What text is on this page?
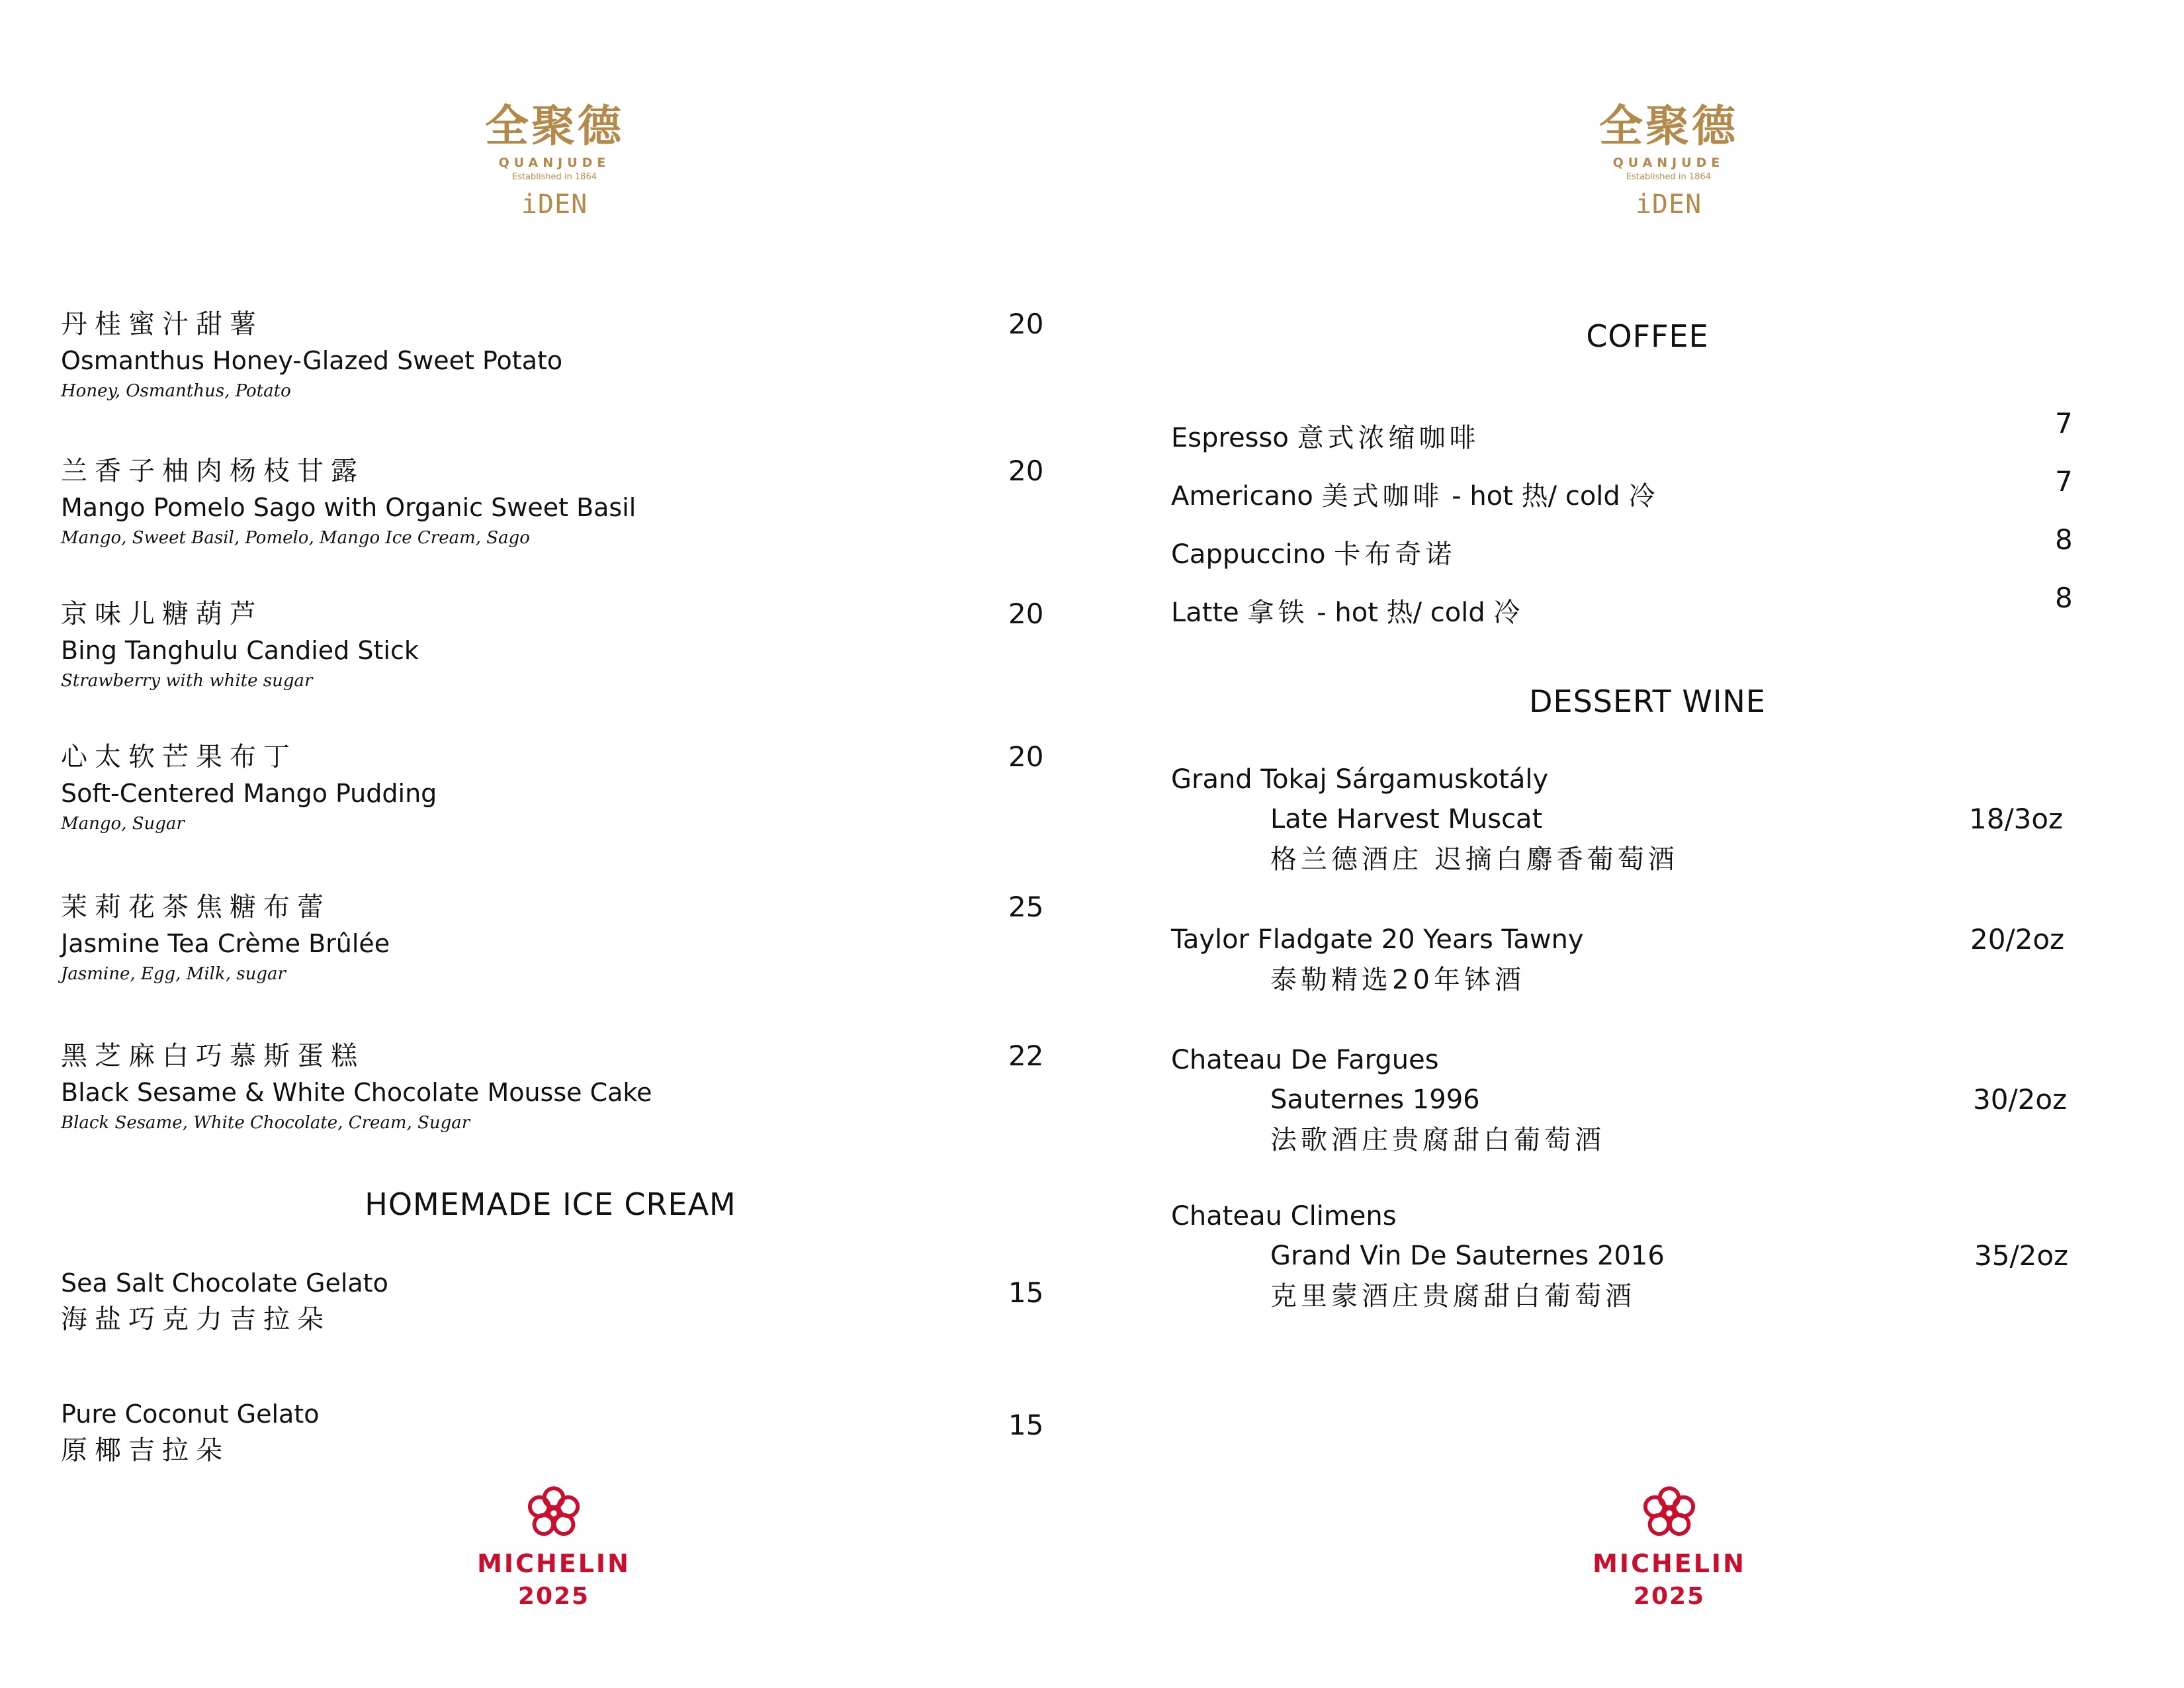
全聚德
QUANJUDE
Established in 1864
iDEN
丹桂蜜汁甜薯
Osmanthus Honey-Glazed Sweet Potato
Honey, Osmanthus, Potato
20
兰香子柚肉杨枝甘露
Mango Pomelo Sago with Organic Sweet Basil
Mango, Sweet Basil, Pomelo, Mango Ice Cream, Sago
20
京味儿糖葫芦
Bing Tanghulu Candied Stick
Strawberry with white sugar
20
心太软芒果布丁
Soft-Centered Mango Pudding
Mango, Sugar
20
茉莉花茶焦糖布蕾
Jasmine Tea Crème Brûlée
Jasmine, Egg, Milk, sugar
25
黑芝麻白巧慕斯蛋糕
Black Sesame & White Chocolate Mousse Cake
Black Sesame, White Chocolate, Cream, Sugar
22
HOMEMADE ICE CREAM
Sea Salt Chocolate Gelato
海盐巧克力吉拉朵
15
Pure Coconut Gelato
原椰吉拉朵
15
MICHELIN
2025
全聚德
QUANJUDE
Established in 1864
iDEN
MICHELIN
2025
COFFEE
Espresso 意式浓缩咖啡	7
Americano 美式咖啡 - hot 热/ cold 冷	7
Cappuccino 卡布奇诺	8
Latte 拿铁 - hot 热/ cold 冷	8
DESSERT WINE
Grand Tokaj Sárgamuskotály
Late Harvest Muscat
格兰德酒庄 迟摘白麝香葡萄酒
18/3oz
Taylor Fladgate 20 Years Tawny
泰勒精选20年钵酒
20/2oz
Chateau De Fargues
Sauternes 1996
法歌酒庄贵腐甜白葡萄酒
30/2oz
Chateau Climens
Grand Vin De Sauternes 2016
克里蒙酒庄贵腐甜白葡萄酒
35/2oz
